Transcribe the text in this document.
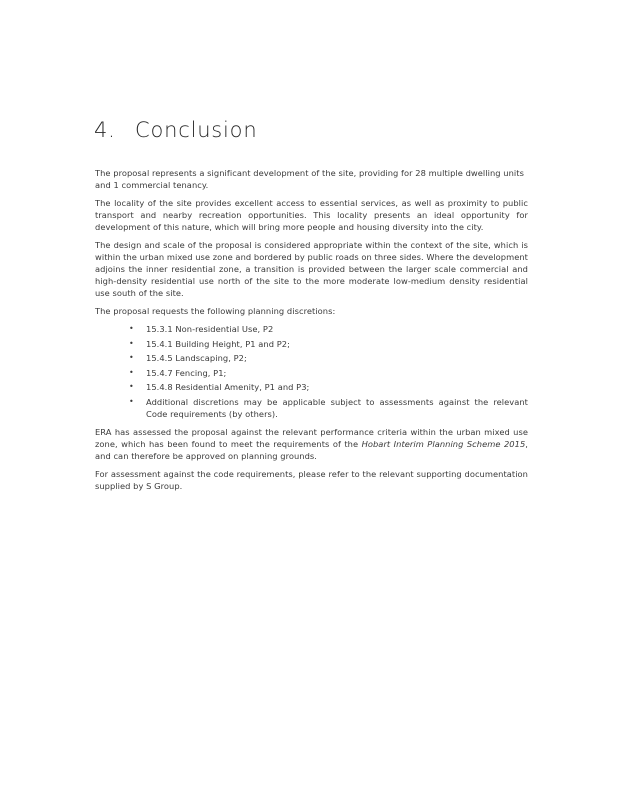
4. Conclusion

The proposal represents a significant development of the site, providing for 28 multiple dwelling units and 1 commercial tenancy.

The locality of the site provides excellent access to essential services, as well as proximity to public transport and nearby recreation opportunities. This locality presents an ideal opportunity for development of this nature, which will bring more people and housing diversity into the city.

The design and scale of the proposal is considered appropriate within the context of the site, which is within the urban mixed use zone and bordered by public roads on three sides. Where the development adjoins the inner residential zone, a transition is provided between the larger scale commercial and high-density residential use north of the site to the more moderate low-medium density residential use south of the site.

The proposal requests the following planning discretions:

• 15.3.1 Non-residential Use, P2
• 15.4.1 Building Height, P1 and P2;
• 15.4.5 Landscaping, P2;
• 15.4.7 Fencing, P1;
• 15.4.8 Residential Amenity, P1 and P3;
• Additional discretions may be applicable subject to assessments against the relevant Code requirements (by others).

ERA has assessed the proposal against the relevant performance criteria within the urban mixed use zone, which has been found to meet the requirements of the Hobart Interim Planning Scheme 2015, and can therefore be approved on planning grounds.

For assessment against the code requirements, please refer to the relevant supporting documentation supplied by S Group.
